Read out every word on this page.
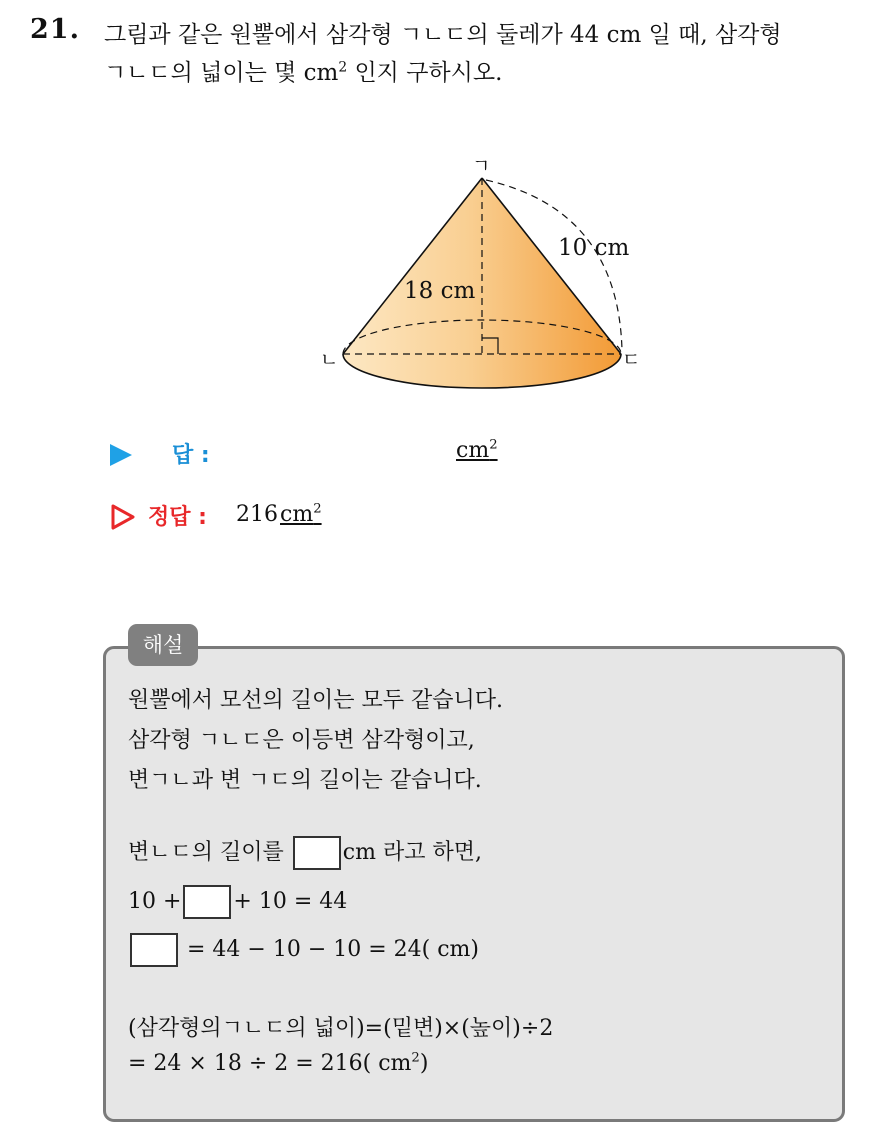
21. 그림과 같은 원뿔에서 삼각형 ㄱㄴㄷ의 둘레가 44 cm 일 때, 삼각형
ㄱㄴㄷ의 넓이는 몇 $cm^2$ 인지 구하시오.
ㄱ
ㄴ	ㄷ
10 cm
18 cm
답 :	$cm^2$
정답 : $216cm^2$
해설
원뿔에서 모선의 길이는 모두 같습니다.
삼각형 ㄱㄴㄷ은 이등변 삼각형이고,
변ㄱㄴ과 변 ㄱㄷ의 길이는 같습니다.
변ㄴㄷ의 길이를	cm 라고 하면,
10 + + 10 = 44
= 44 − 10 − 10 = 24( cm)
(삼각형의ㄱㄴㄷ의 넓이)=(밑변)×(높이)÷2
= 24 × 18 ÷ 2 = 216( $cm^2$)
